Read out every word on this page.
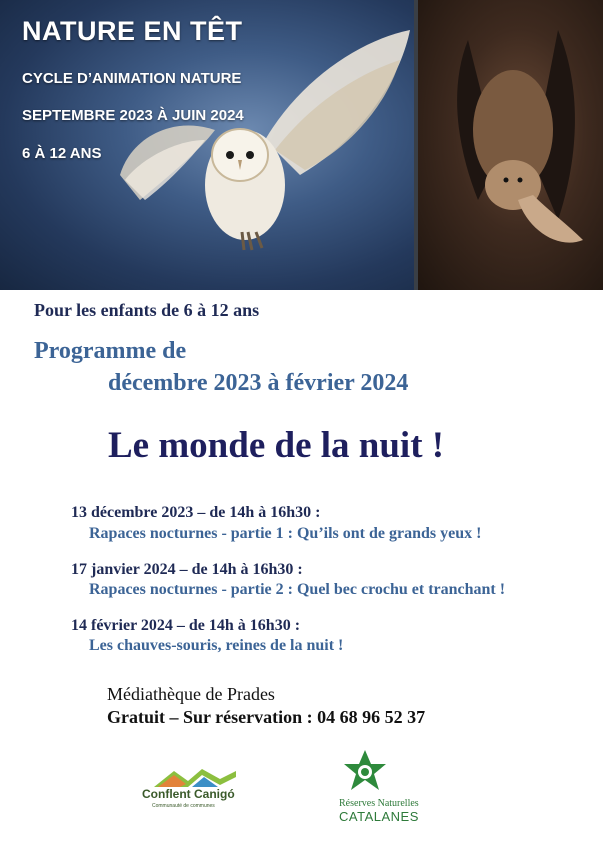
NATURE EN TÊT
CYCLE D’ANIMATION NATURE
SEPTEMBRE 2023 À JUIN 2024
6 À 12 ANS
Pour les enfants de 6 à 12 ans
Programme de
décembre 2023 à février 2024
Le monde de la nuit !
13 décembre 2023 – de 14h à 16h30 :
Rapaces nocturnes - partie 1 : Qu’ils ont de grands yeux !
17 janvier 2024 – de 14h à 16h30 :
Rapaces nocturnes - partie 2 : Quel bec crochu et tranchant !
14 février 2024 – de 14h à 16h30 :
Les chauves-souris, reines de la nuit !
Médiathèque de Prades
Gratuit – Sur réservation : 04 68 96 52 37
Conflent Canigó
Communauté de communes	Réserves Naturelles
CATALANES
